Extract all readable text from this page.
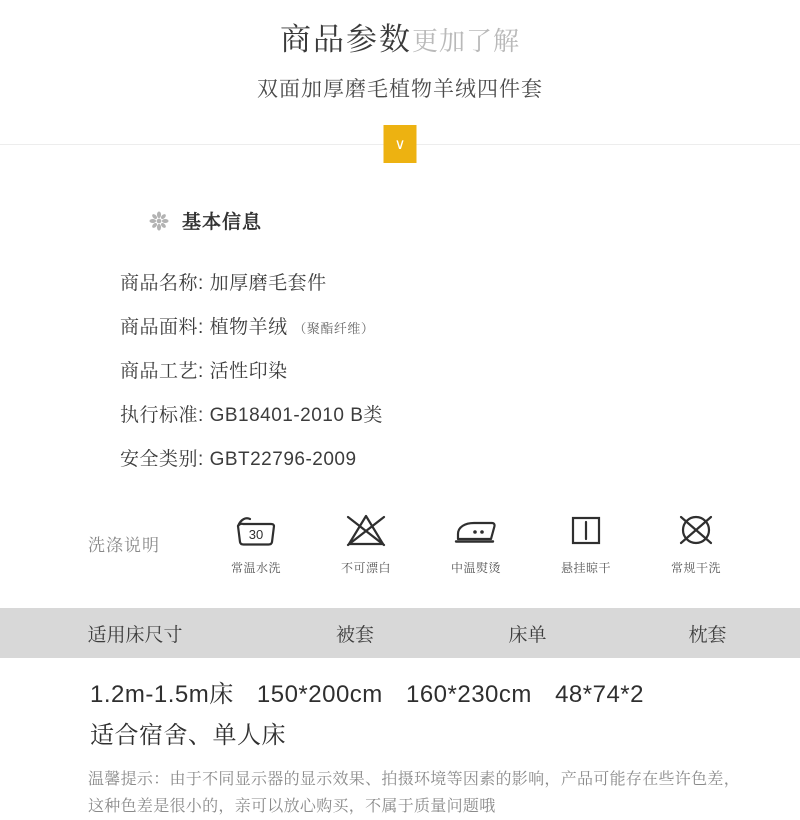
商品参数 更加了解
双面加厚磨毛植物羊绒四件套
∨
基本信息
商品名称: 加厚磨毛套件
商品面料: 植物羊绒 （聚酯纤维）
商品工艺: 活性印染
执行标准: GB18401-2010 B类
安全类别: GBT22796-2009
洗涤说明
30
常温水洗	不可漂白	中温熨烫	悬挂晾干	常规干洗
适用床尺寸	被套	床单	枕套
1.2m-1.5m床 150*200cm 160*230cm 48*74*2
适合宿舍、单人床
温馨提示：由于不同显示器的显示效果、拍摄环境等因素的影响，产品可能存在些许色差，这种色差是很小的，亲可以放心购买，不属于质量问题哦
